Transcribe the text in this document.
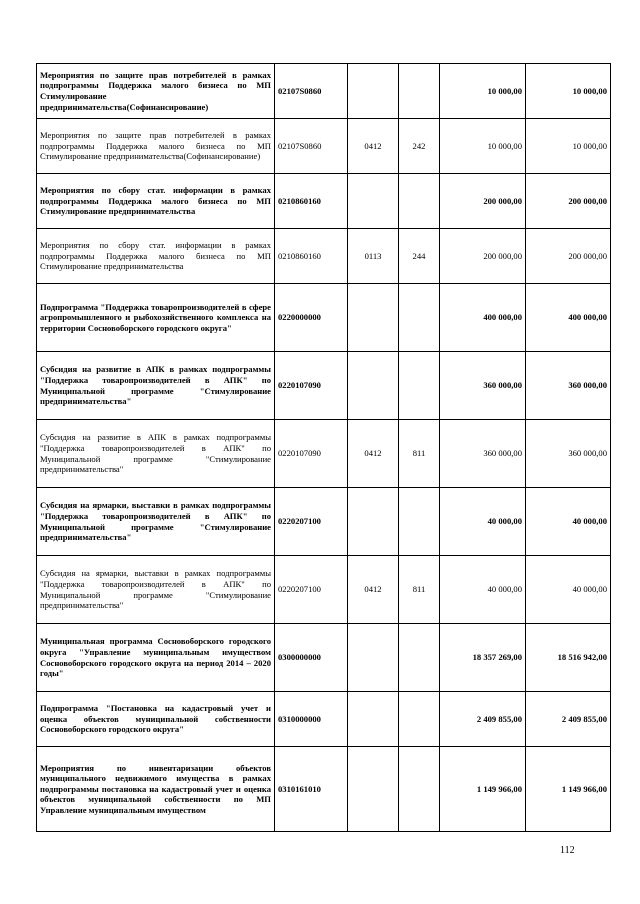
Мероприятия по защите прав потребителей в рамках подпрограммы Поддержка малого бизнеса по МП Стимулирование предпринимательства(Софинансирование)	02107S0860			10 000,00	10 000,00
Мероприятия по защите прав потребителей в рамках подпрограммы Поддержка малого бизнеса по МП Стимулирование предпринимательства(Софинансирование)	02107S0860	0412	242	10 000,00	10 000,00
Мероприятия по сбору стат. информации в рамках подпрограммы Поддержка малого бизнеса по МП Стимулирование предпринимательства	0210860160			200 000,00	200 000,00
Мероприятия по сбору стат. информации в рамках подпрограммы Поддержка малого бизнеса по МП Стимулирование предпринимательства	0210860160	0113	244	200 000,00	200 000,00
Подпрограмма "Поддержка товаропроизводителей в сфере агропромышленного и рыбохозяйственного комплекса на территории Сосновоборского городского округа"	0220000000			400 000,00	400 000,00
Субсидия на развитие в АПК в рамках подпрограммы "Поддержка товаропроизводителей в АПК" по Муниципальной программе "Стимулирование предпринимательства"	0220107090			360 000,00	360 000,00
Субсидия на развитие в АПК в рамках подпрограммы "Поддержка товаропроизводителей в АПК" по Муниципальной программе "Стимулирование предпринимательства"	0220107090	0412	811	360 000,00	360 000,00
Субсидия на ярмарки, выставки в рамках подпрограммы "Поддержка товаропроизводителей в АПК" по Муниципальной программе "Стимулирование предпринимательства"	0220207100			40 000,00	40 000,00
Субсидия на ярмарки, выставки в рамках подпрограммы "Поддержка товаропроизводителей в АПК" по Муниципальной программе "Стимулирование предпринимательства"	0220207100	0412	811	40 000,00	40 000,00
Муниципальная программа Сосновоборского городского округа "Управление муниципальным имуществом Сосновоборского городского округа на период 2014 – 2020 годы"	0300000000			18 357 269,00	18 516 942,00
Подпрограмма "Постановка на кадастровый учет и оценка объектов муниципальной собственности Сосновоборского городского округа"	0310000000			2 409 855,00	2 409 855,00
Мероприятия по инвентаризации объектов муниципального недвижимого имущества в рамках подпрограммы постановка на кадастровый учет и оценка объектов муниципальной собственности по МП Управление муниципальным имуществом	0310161010			1 149 966,00	1 149 966,00
112
